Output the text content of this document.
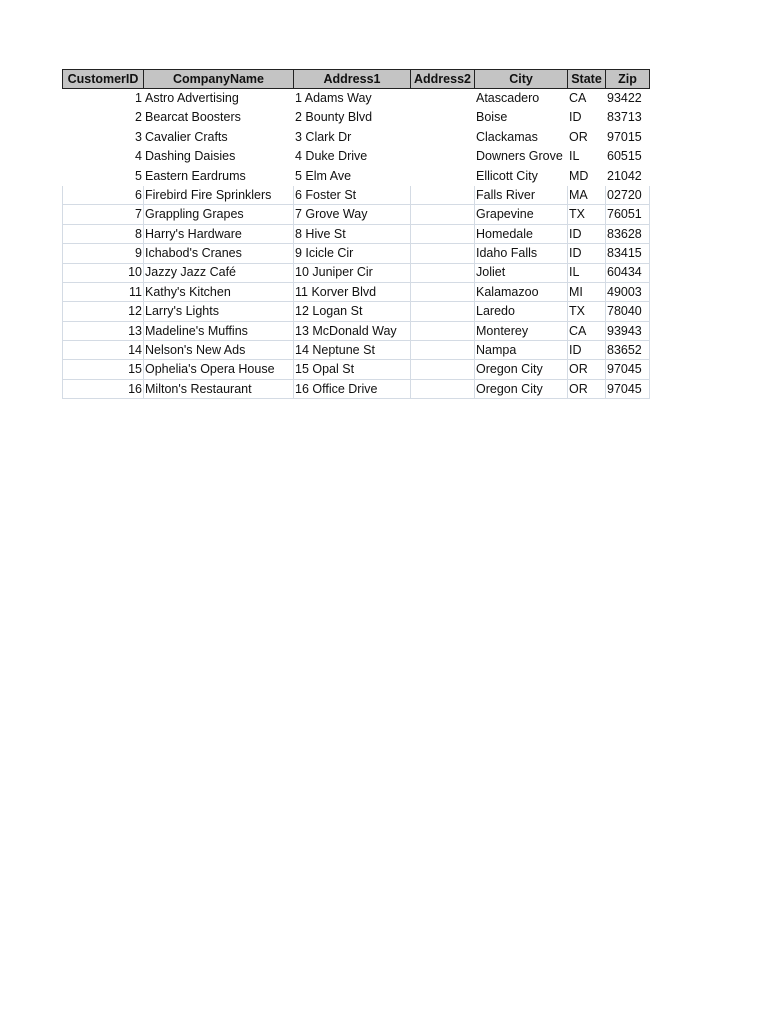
CustomerID	CompanyName	Address1	Address2	City	State	Zip
1	Astro Advertising	1 Adams Way		Atascadero	CA	93422
2	Bearcat Boosters	2 Bounty Blvd		Boise	ID	83713
3	Cavalier Crafts	3 Clark Dr		Clackamas	OR	97015
4	Dashing Daisies	4 Duke Drive		Downers Grove	IL	60515
5	Eastern Eardrums	5 Elm Ave		Ellicott City	MD	21042
6	Firebird Fire Sprinklers	6 Foster St		Falls River	MA	02720
7	Grappling Grapes	7 Grove Way		Grapevine	TX	76051
8	Harry's Hardware	8 Hive St		Homedale	ID	83628
9	Ichabod's Cranes	9 Icicle Cir		Idaho Falls	ID	83415
10	Jazzy Jazz Café	10 Juniper Cir		Joliet	IL	60434
11	Kathy's Kitchen	11 Korver Blvd		Kalamazoo	MI	49003
12	Larry's Lights	12 Logan St		Laredo	TX	78040
13	Madeline's Muffins	13 McDonald Way		Monterey	CA	93943
14	Nelson's New Ads	14 Neptune St		Nampa	ID	83652
15	Ophelia's Opera House	15 Opal St		Oregon City	OR	97045
16	Milton's Restaurant	16 Office Drive		Oregon City	OR	97045
